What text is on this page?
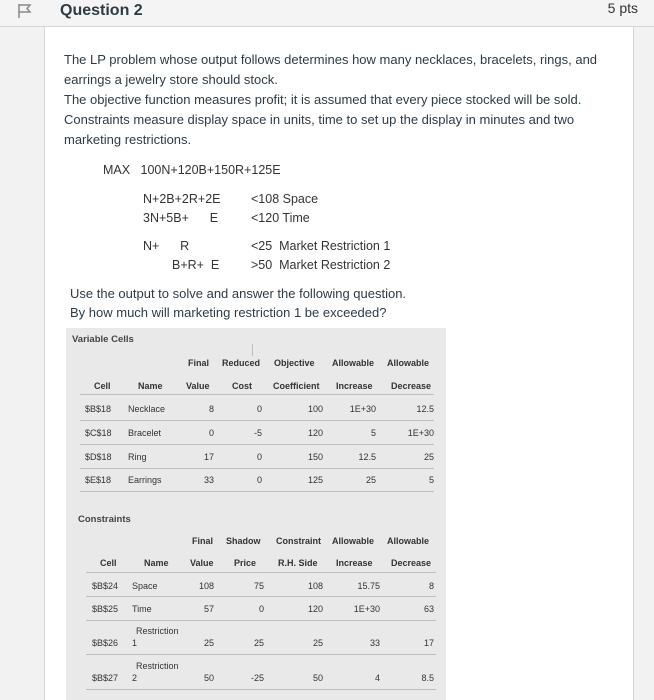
Question 2	5 pts
The LP problem whose output follows determines how many necklaces, bracelets, rings, and earrings a jewelry store should stock.
The objective function measures profit; it is assumed that every piece stocked will be sold.
Constraints measure display space in units, time to set up the display in minutes and two marketing restrictions.
MAX   100N+120B+150R+125E
N+2B+2R+2E <108 Space
3N+5B+      E	<120 Time
N+      R	<25  Market Restriction 1
B+R+  E	>50  Market Restriction 2
Use the output to solve and answer the following question.
By how much will marketing restriction 1 be exceeded?
Variable Cells
Final Reduced Objective Allowable Allowable
Cell	Name	Value Cost Coefficient Increase Decrease
$B$18 Necklace	8	0	100	1E+30	12.5
$C$18 Bracelet	0	-5	120	5	1E+30
$D$18 Ring	17	0	150	12.5	25
$E$18 Earrings	33	0	125	25	5
Constraints
Final Shadow Constraint Allowable Allowable
Cell	Name Value Price R.H. Side Increase Decrease
$B$24 Space	108	75	108	15.75	8
$B$25 Time	57	0	120	1E+30	63
Restriction
$B$26 1	25	25	25	33	17
Restriction
$B$27 2	50	-25	50	4	8.5
